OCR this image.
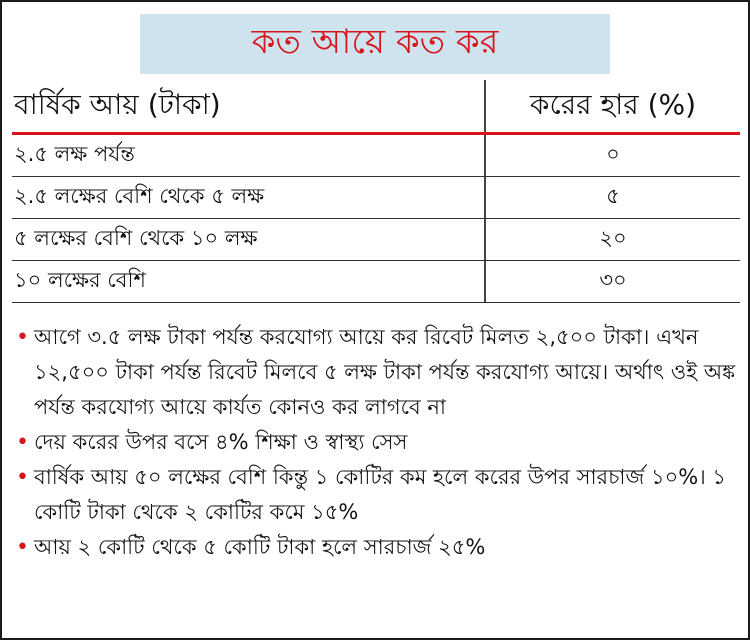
কত আয়ে কত কর
বার্ষিক আয় (টাকা)	করের হার (%)
২.৫ লক্ষ পর্যন্ত	০
২.৫ লক্ষের বেশি থেকে ৫ লক্ষ	৫
৫ লক্ষের বেশি থেকে ১০ লক্ষ	২০
১০ লক্ষের বেশি	৩০
• আগে ৩.৫ লক্ষ টাকা পর্যন্ত করযোগ্য আয়ে কর রিবেট মিলত ২,৫০০ টাকা। এখন ১২,৫০০ টাকা পর্যন্ত রিবেট মিলবে ৫ লক্ষ টাকা পর্যন্ত করযোগ্য আয়ে। অর্থাৎ ওই অঙ্ক পর্যন্ত করযোগ্য আয়ে কার্যত কোনও কর লাগবে না
• দেয় করের উপর বসে ৪% শিক্ষা ও স্বাস্থ্য সেস
• বার্ষিক আয় ৫০ লক্ষের বেশি কিন্তু ১ কোটির কম হলে করের উপর সারচার্জ ১০%। ১ কোটি টাকা থেকে ২ কোটির কমে ১৫%
• আয় ২ কোটি থেকে ৫ কোটি টাকা হলে সারচার্জ ২৫%
